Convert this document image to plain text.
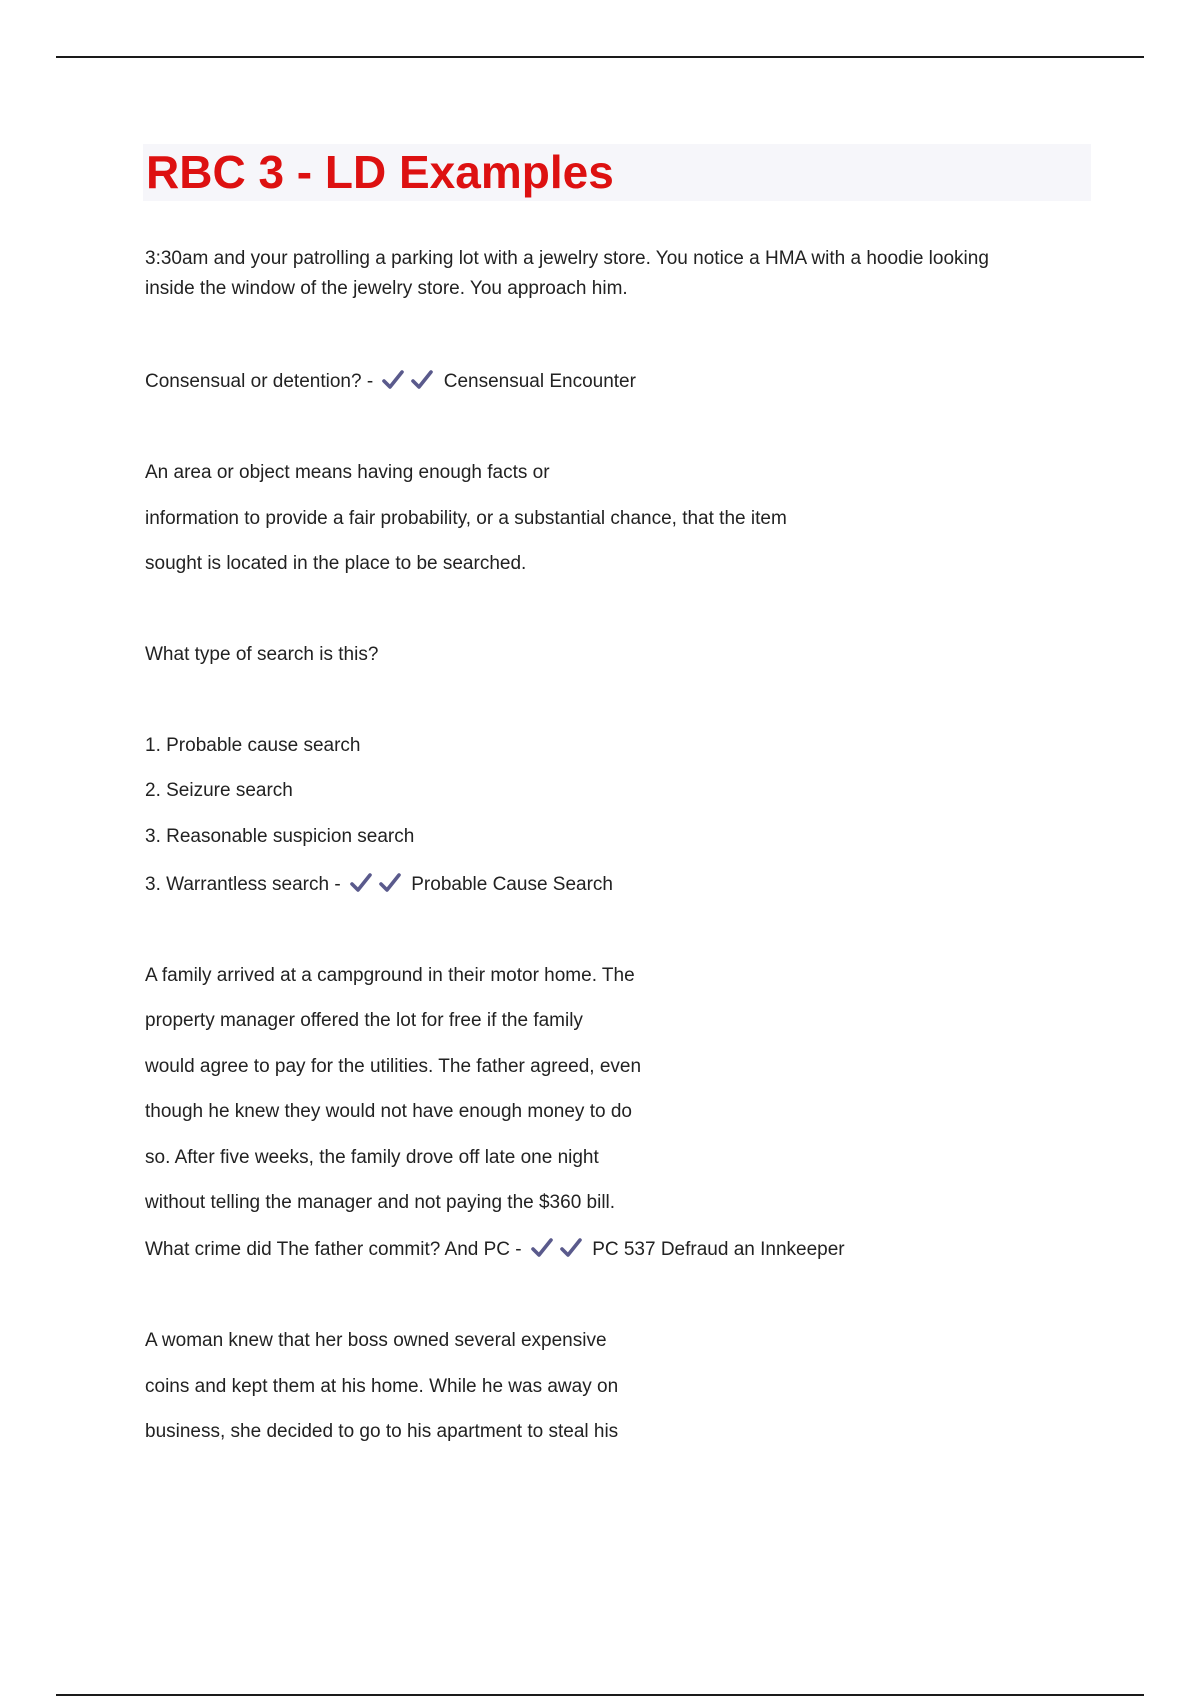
RBC 3 - LD Examples
3:30am and your patrolling a parking lot with a jewelry store. You notice a HMA with a hoodie looking
inside the window of the jewelry store. You approach him.
Consensual or detention? -	Censensual Encounter
An area or object means having enough facts or
information to provide a fair probability, or a substantial chance, that the item
sought is located in the place to be searched.
What type of search is this?
1. Probable cause search
2. Seizure search
3. Reasonable suspicion search
3. Warrantless search -	Probable Cause Search
A family arrived at a campground in their motor home. The
property manager offered the lot for free if the family
would agree to pay for the utilities. The father agreed, even
though he knew they would not have enough money to do
so. After five weeks, the family drove off late one night
without telling the manager and not paying the $360 bill.
What crime did The father commit? And PC -	PC 537 Defraud an Innkeeper
A woman knew that her boss owned several expensive
coins and kept them at his home. While he was away on
business, she decided to go to his apartment to steal his
